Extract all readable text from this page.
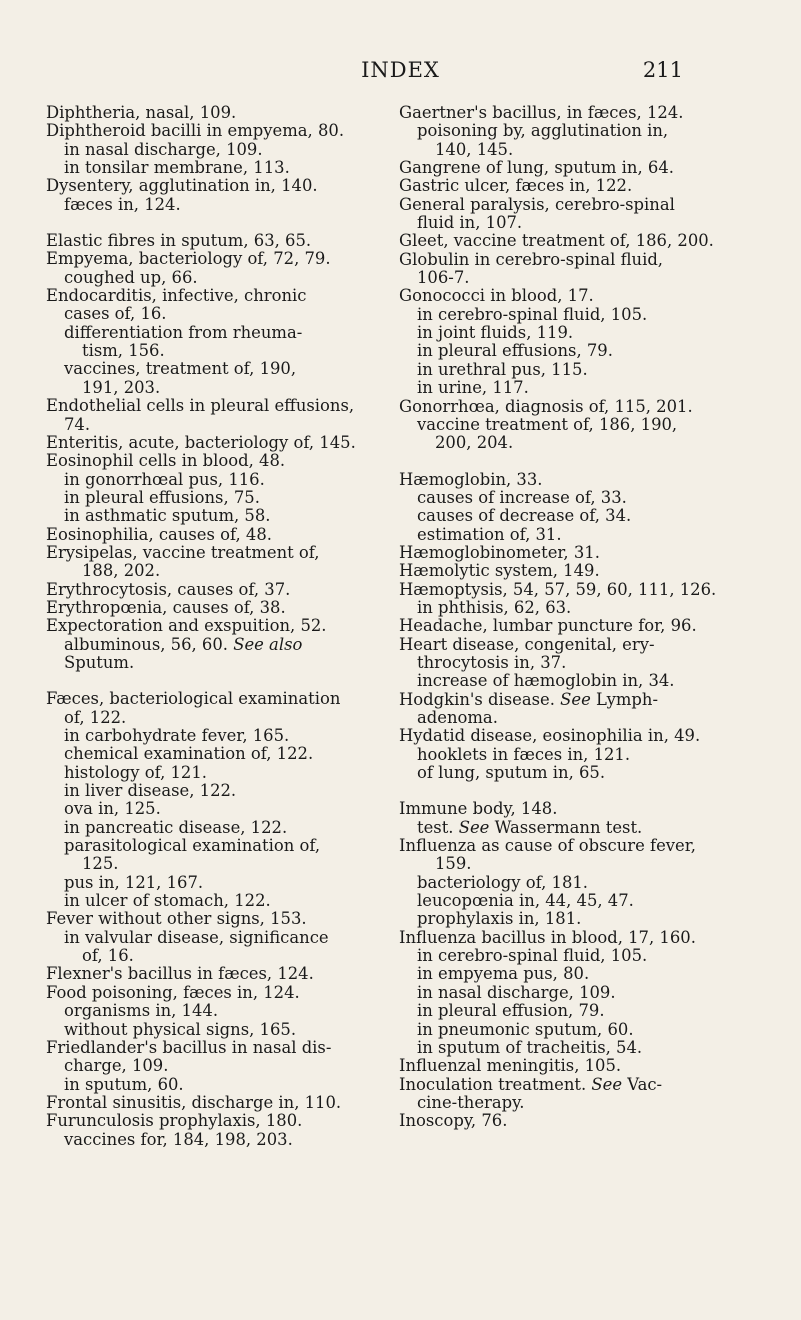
INDEX	211
Diphtheria, nasal, 109.
Diphtheroid bacilli in empyema, 80.
in nasal discharge, 109.
in tonsilar membrane, 113.
Dysentery, agglutination in, 140.
fæces in, 124.
Elastic fibres in sputum, 63, 65.
Empyema, bacteriology of, 72, 79.
coughed up, 66.
Endocarditis, infective, chronic
cases of, 16.
differentiation from rheuma-
tism, 156.
vaccines, treatment of, 190,
191, 203.
Endothelial cells in pleural effusions,
74.
Enteritis, acute, bacteriology of, 145.
Eosinophil cells in blood, 48.
in gonorrhœal pus, 116.
in pleural effusions, 75.
in asthmatic sputum, 58.
Eosinophilia, causes of, 48.
Erysipelas, vaccine treatment of,
188, 202.
Erythrocytosis, causes of, 37.
Erythropœnia, causes of, 38.
Expectoration and exspuition, 52.
albuminous, 56, 60. See also
Sputum.
Fæces, bacteriological examination
of, 122.
in carbohydrate fever, 165.
chemical examination of, 122.
histology of, 121.
in liver disease, 122.
ova in, 125.
in pancreatic disease, 122.
parasitological examination of,
125.
pus in, 121, 167.
in ulcer of stomach, 122.
Fever without other signs, 153.
in valvular disease, significance
of, 16.
Flexner's bacillus in fæces, 124.
Food poisoning, fæces in, 124.
organisms in, 144.
without physical signs, 165.
Friedlander's bacillus in nasal dis-
charge, 109.
in sputum, 60.
Frontal sinusitis, discharge in, 110.
Furunculosis prophylaxis, 180.
vaccines for, 184, 198, 203.
Gaertner's bacillus, in fæces, 124.
poisoning by, agglutination in,
140, 145.
Gangrene of lung, sputum in, 64.
Gastric ulcer, fæces in, 122.
General paralysis, cerebro-spinal
fluid in, 107.
Gleet, vaccine treatment of, 186, 200.
Globulin in cerebro-spinal fluid,
106-7.
Gonococci in blood, 17.
in cerebro-spinal fluid, 105.
in joint fluids, 119.
in pleural effusions, 79.
in urethral pus, 115.
in urine, 117.
Gonorrhœa, diagnosis of, 115, 201.
vaccine treatment of, 186, 190,
200, 204.
Hæmoglobin, 33.
causes of increase of, 33.
causes of decrease of, 34.
estimation of, 31.
Hæmoglobinometer, 31.
Hæmolytic system, 149.
Hæmoptysis, 54, 57, 59, 60, 111, 126.
in phthisis, 62, 63.
Headache, lumbar puncture for, 96.
Heart disease, congenital, ery-
throcytosis in, 37.
increase of hæmoglobin in, 34.
Hodgkin's disease. See Lymph-
adenoma.
Hydatid disease, eosinophilia in, 49.
hooklets in fæces in, 121.
of lung, sputum in, 65.
Immune body, 148.
test. See Wassermann test.
Influenza as cause of obscure fever,
159.
bacteriology of, 181.
leucopœnia in, 44, 45, 47.
prophylaxis in, 181.
Influenza bacillus in blood, 17, 160.
in cerebro-spinal fluid, 105.
in empyema pus, 80.
in nasal discharge, 109.
in pleural effusion, 79.
in pneumonic sputum, 60.
in sputum of tracheitis, 54.
Influenzal meningitis, 105.
Inoculation treatment. See Vac-
cine-therapy.
Inoscopy, 76.
